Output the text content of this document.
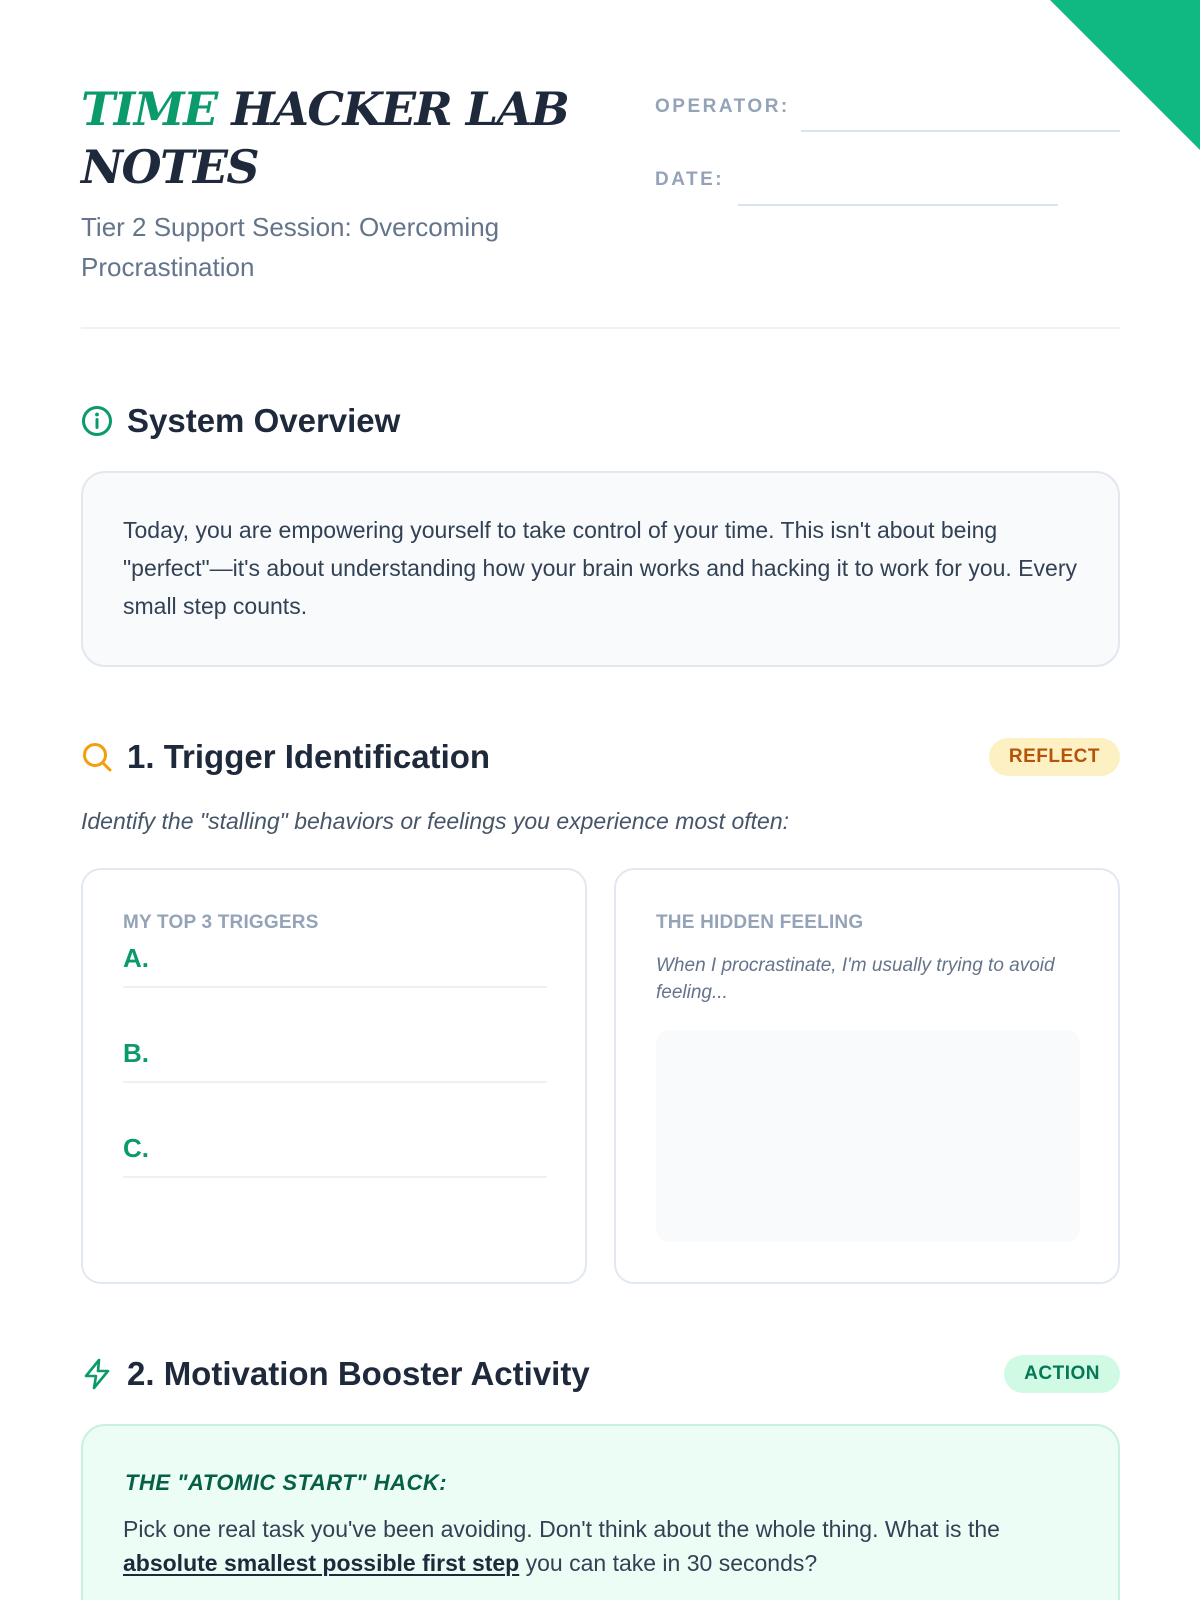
TIME HACKER LAB NOTES
Tier 2 Support Session: Overcoming Procrastination
OPERATOR:
DATE:
System Overview

Today, you are empowering yourself to take control of your time. This isn't about being "perfect"—it's about understanding how your brain works and hacking it to work for you. Every small step counts.

1. Trigger Identification	REFLECT
Identify the "stalling" behaviors or feelings you experience most often:
MY TOP 3 TRIGGERS
A.
B.
C.
THE HIDDEN FEELING
When I procrastinate, I'm usually trying to avoid feeling...
2. Motivation Booster Activity	ACTION
THE "ATOMIC START" HACK:

Pick one real task you've been avoiding. Don't think about the whole thing. What is the absolute smallest possible first step you can take in 30 seconds?
